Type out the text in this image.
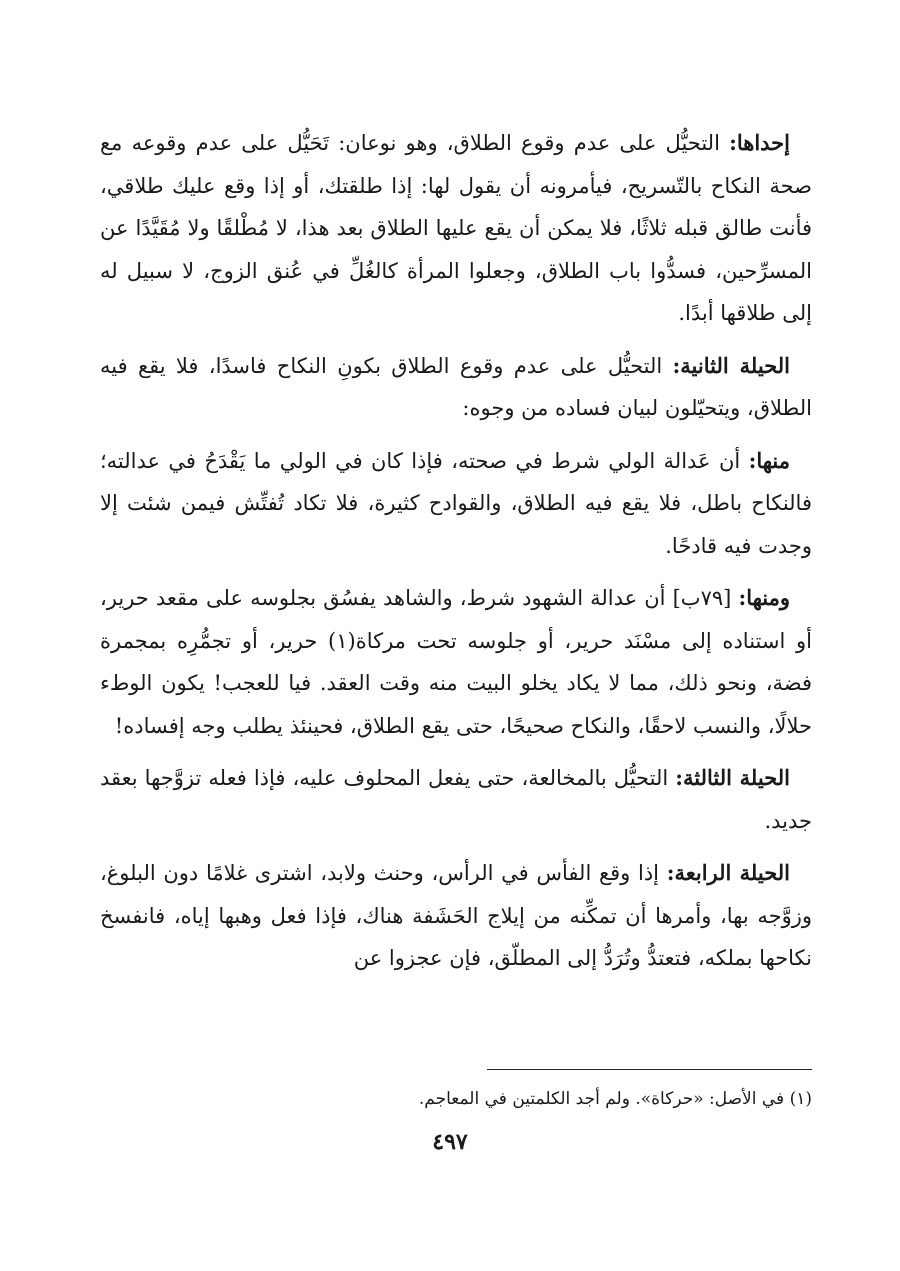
إحداها: التحيُّل على عدم وقوع الطلاق، وهو نوعان: تَحَيُّل على عدم وقوعه مع صحة النكاح بالتّسريح، فيأمرونه أن يقول لها: إذا طلقتك، أو إذا وقع عليك طلاقي، فأنت طالق قبله ثلاثًا، فلا يمكن أن يقع عليها الطلاق بعد هذا، لا مُطْلقًا ولا مُقَيَّدًا عن المسرِّحين، فسدُّوا باب الطلاق، وجعلوا المرأة كالغُلِّ في عُنق الزوج، لا سبيل له إلى طلاقها أبدًا.

الحيلة الثانية: التحيُّل على عدم وقوع الطلاق بكونِ النكاح فاسدًا، فلا يقع فيه الطلاق، ويتحيّلون لبيان فساده من وجوه:

منها: أن عَدالة الولي شرط في صحته، فإذا كان في الولي ما يَقْدَحُ في عدالته؛ فالنكاح باطل، فلا يقع فيه الطلاق، والقوادح كثيرة، فلا تكاد تُفتِّش فيمن شئت إلا وجدت فيه قادحًا.

ومنها: [٧٩ب] أن عدالة الشهود شرط، والشاهد يفسُق بجلوسه على مقعد حرير، أو استناده إلى مسْنَد حرير، أو جلوسه تحت مركاة(١) حرير، أو تجمُّرِه بمجمرة فضة، ونحو ذلك، مما لا يكاد يخلو البيت منه وقت العقد. فيا للعجب! يكون الوطء حلالًا، والنسب لاحقًا، والنكاح صحيحًا، حتى يقع الطلاق، فحينئذ يطلب وجه إفساده!

الحيلة الثالثة: التحيُّل بالمخالعة، حتى يفعل المحلوف عليه، فإذا فعله تزوَّجها بعقد جديد.

الحيلة الرابعة: إذا وقع الفأس في الرأس، وحنث ولابد، اشترى غلامًا دون البلوغ، وزوَّجه بها، وأمرها أن تمكِّنه من إيلاج الحَشَفة هناك، فإذا فعل وهبها إياه، فانفسخ نكاحها بملكه، فتعتدُّ وتُرَدُّ إلى المطلّق، فإن عجزوا عن

(١) في الأصل: «حركاة». ولم أجد الكلمتين في المعاجم.
٤٩٧
